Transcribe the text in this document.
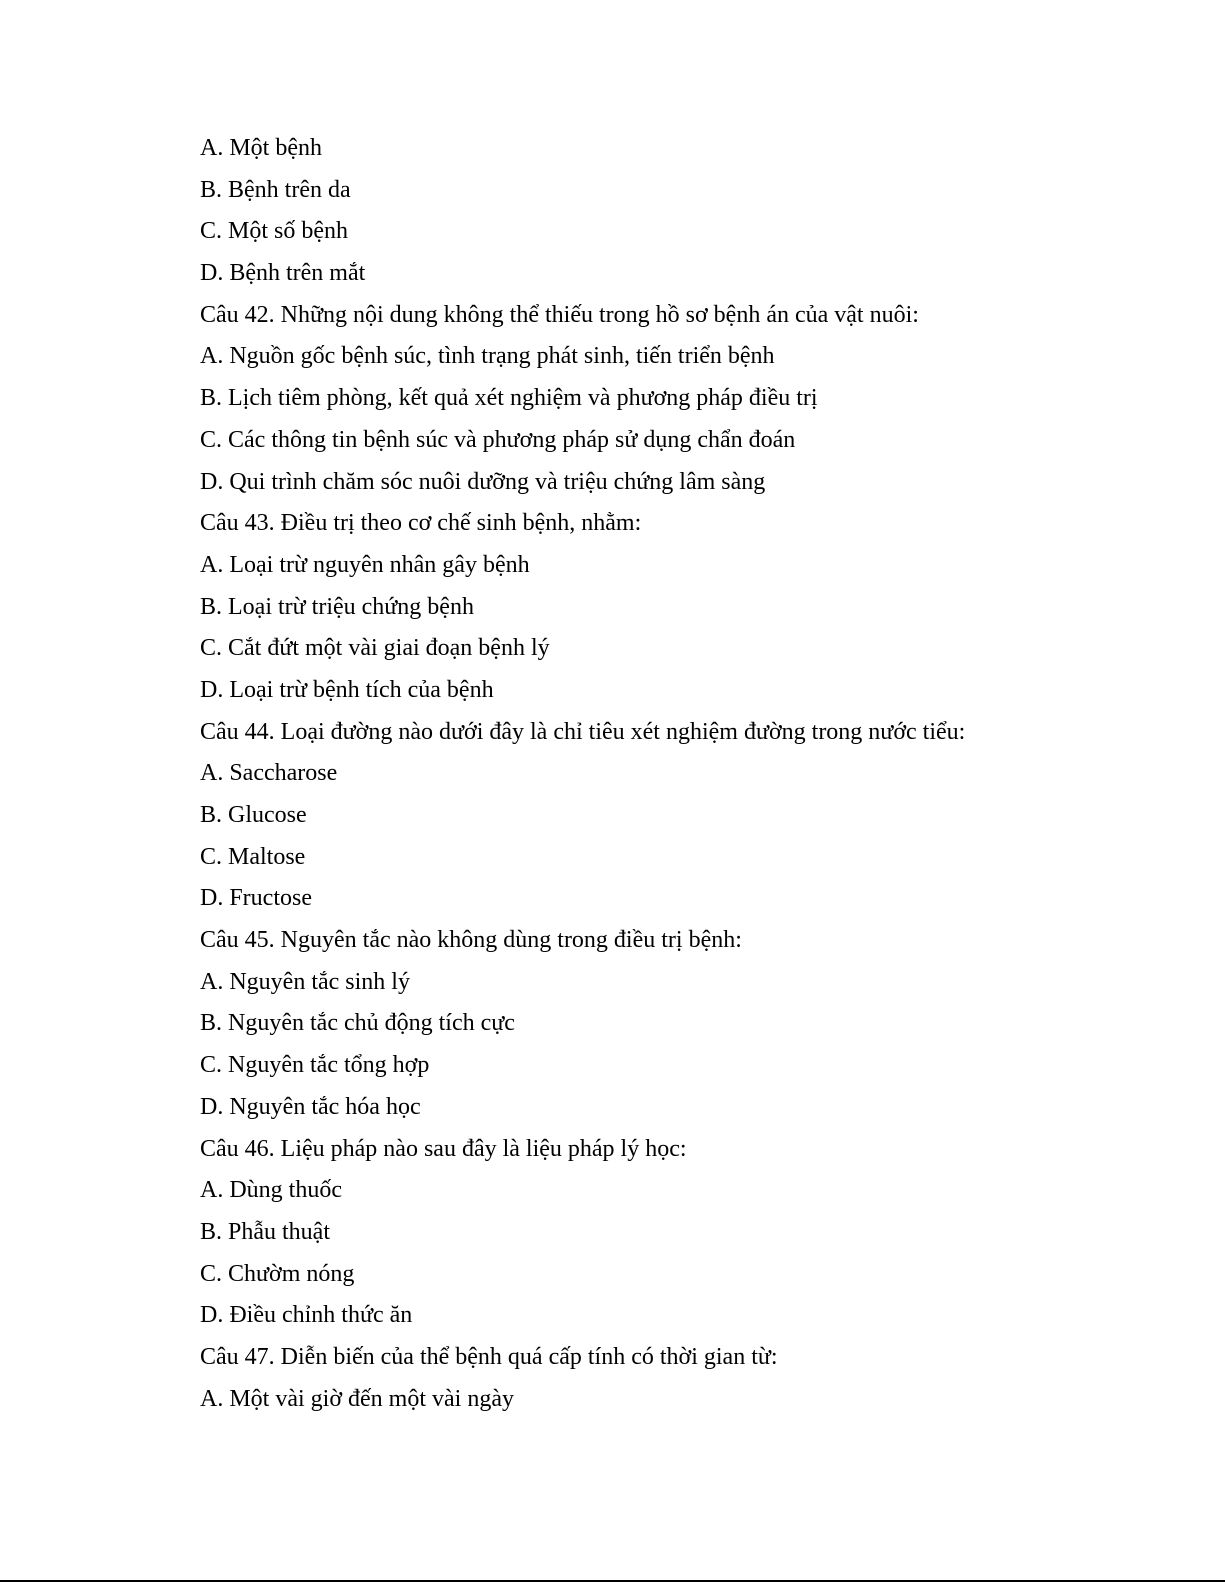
A. Một bệnh
B. Bệnh trên da
C. Một số bệnh
D. Bệnh trên mắt
Câu 42. Những nội dung không thể thiếu trong hồ sơ bệnh án của vật nuôi:
A. Nguồn gốc bệnh súc, tình trạng phát sinh, tiến triển bệnh
B. Lịch tiêm phòng, kết quả xét nghiệm và phương pháp điều trị
C. Các thông tin bệnh súc và phương pháp sử dụng chẩn đoán
D. Qui trình chăm sóc nuôi dưỡng và triệu chứng lâm sàng
Câu 43. Điều trị theo cơ chế sinh bệnh, nhằm:
A. Loại trừ nguyên nhân gây bệnh
B. Loại trừ triệu chứng bệnh
C. Cắt đứt một vài giai đoạn bệnh lý
D. Loại trừ bệnh tích của bệnh
Câu 44. Loại đường nào dưới đây là chỉ tiêu xét nghiệm đường trong nước tiểu:
A. Saccharose
B. Glucose
C. Maltose
D. Fructose
Câu 45. Nguyên tắc nào không dùng trong điều trị bệnh:
A. Nguyên tắc sinh lý
B. Nguyên tắc chủ động tích cực
C. Nguyên tắc tổng hợp
D. Nguyên tắc hóa học
Câu 46. Liệu pháp nào sau đây là liệu pháp lý học:
A. Dùng thuốc
B. Phẫu thuật
C. Chườm nóng
D. Điều chỉnh thức ăn
Câu 47. Diễn biến của thể bệnh quá cấp tính có thời gian từ:
A. Một vài giờ đến một vài ngày
